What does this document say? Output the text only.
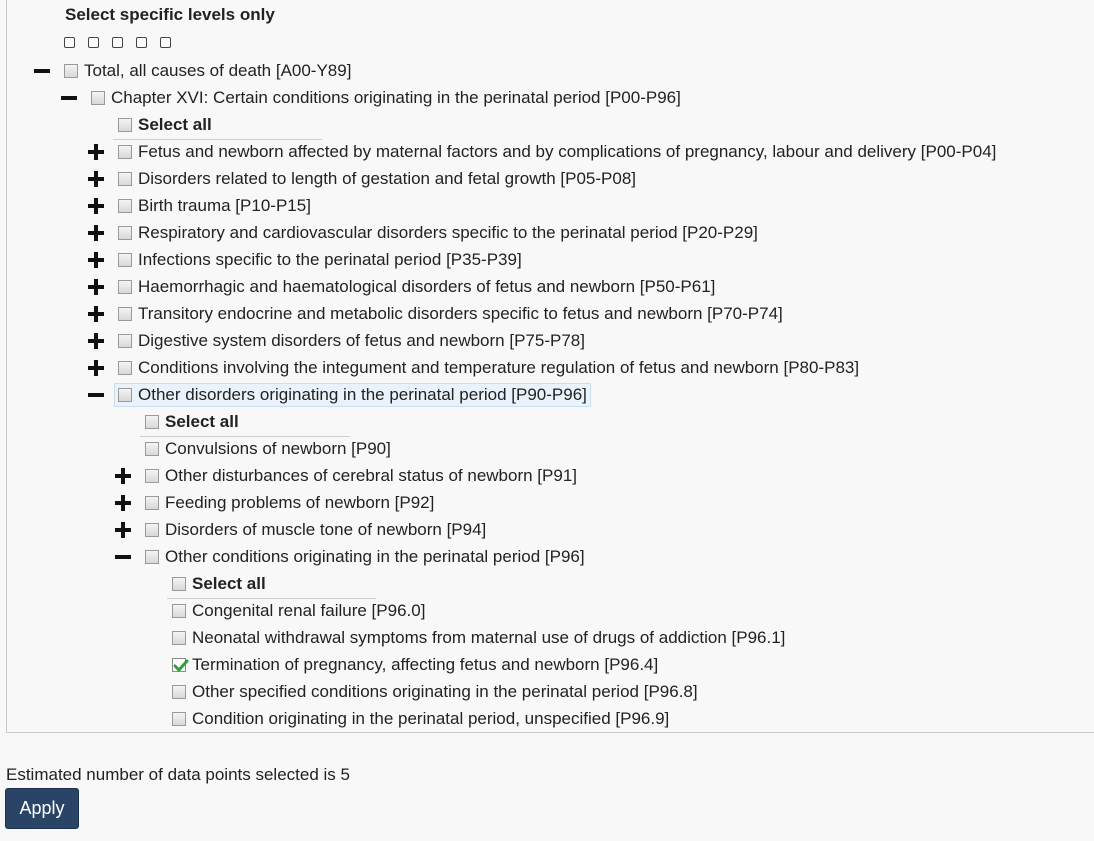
Select specific levels only
Total, all causes of death [A00-Y89]
Chapter XVI: Certain conditions originating in the perinatal period [P00-P96]
Select all
Fetus and newborn affected by maternal factors and by complications of pregnancy, labour and delivery [P00-P04]
Disorders related to length of gestation and fetal growth [P05-P08]
Birth trauma [P10-P15]
Respiratory and cardiovascular disorders specific to the perinatal period [P20-P29]
Infections specific to the perinatal period [P35-P39]
Haemorrhagic and haematological disorders of fetus and newborn [P50-P61]
Transitory endocrine and metabolic disorders specific to fetus and newborn [P70-P74]
Digestive system disorders of fetus and newborn [P75-P78]
Conditions involving the integument and temperature regulation of fetus and newborn [P80-P83]
Other disorders originating in the perinatal period [P90-P96]
Select all
Convulsions of newborn [P90]
Other disturbances of cerebral status of newborn [P91]
Feeding problems of newborn [P92]
Disorders of muscle tone of newborn [P94]
Other conditions originating in the perinatal period [P96]
Select all
Congenital renal failure [P96.0]
Neonatal withdrawal symptoms from maternal use of drugs of addiction [P96.1]
Termination of pregnancy, affecting fetus and newborn [P96.4]
Other specified conditions originating in the perinatal period [P96.8]
Condition originating in the perinatal period, unspecified [P96.9]
Estimated number of data points selected is 5
Apply
